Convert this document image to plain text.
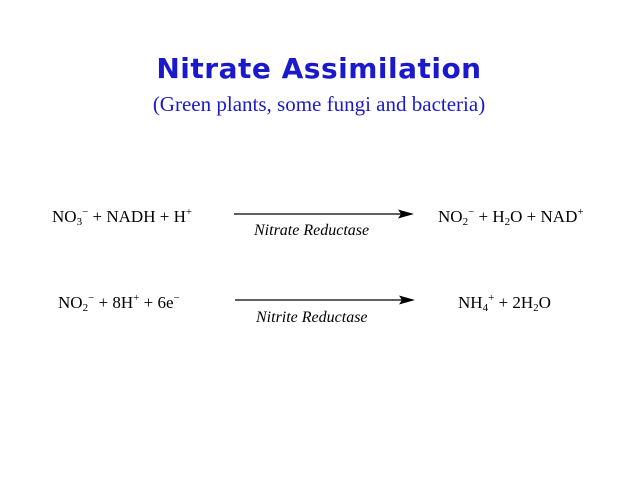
Nitrate Assimilation
(Green plants, some fungi and bacteria)
$NO_3^-$ + NADH + H+
Nitrate Reductase
$NO_2^- + H_2O + NAD^+$
$NO_2^- + 8H^+ + 6e^-$
Nitrite Reductase
$NH_4^+ + 2H_2O$
